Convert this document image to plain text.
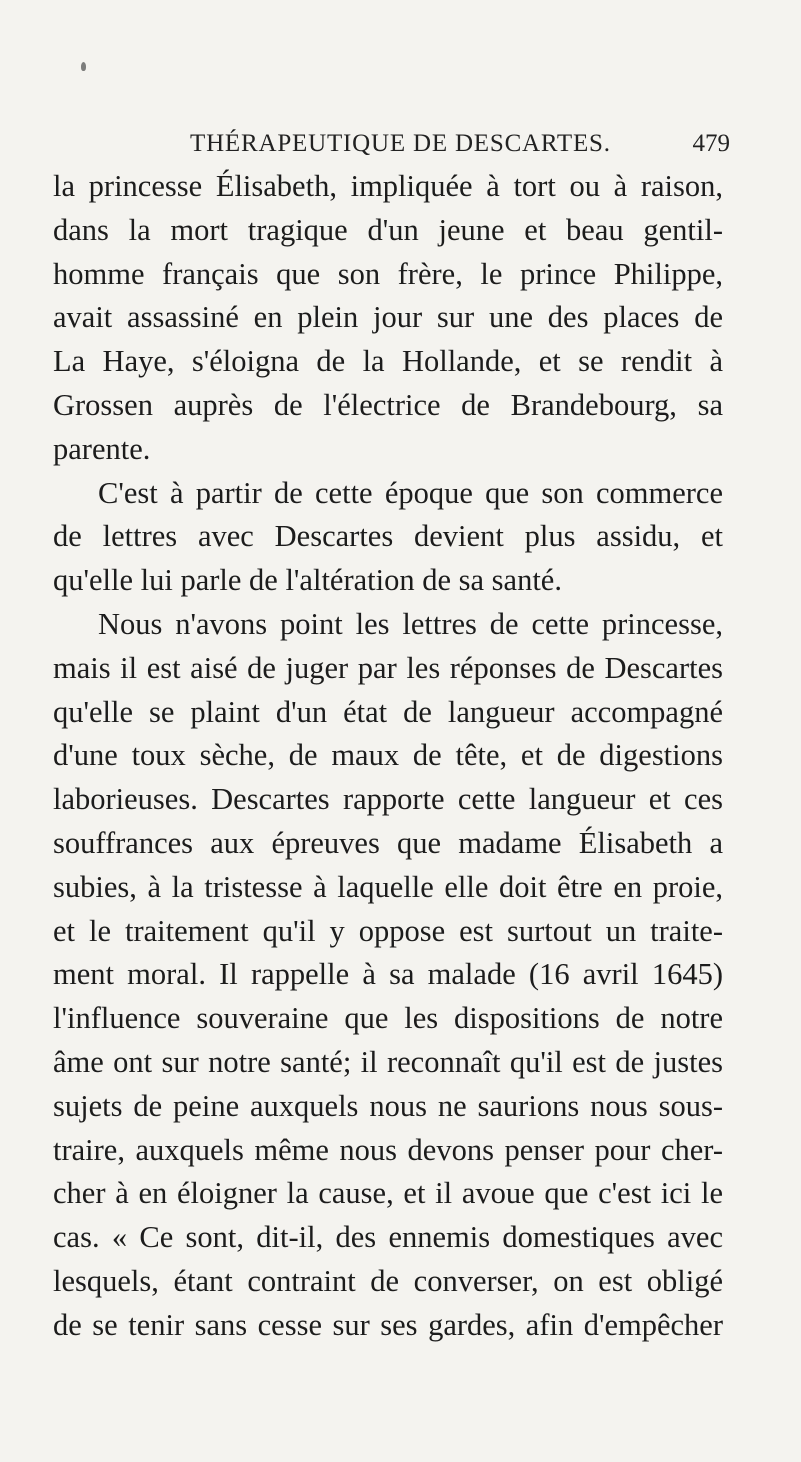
THÉRAPEUTIQUE DE DESCARTES.	479
la princesse Élisabeth, impliquée à tort ou à raison,
dans la mort tragique d'un jeune et beau gentil-
homme français que son frère, le prince Philippe,
avait assassiné en plein jour sur une des places de
La Haye, s'éloigna de la Hollande, et se rendit à
Grossen auprès de l'électrice de Brandebourg, sa
parente.
C'est à partir de cette époque que son commerce
de lettres avec Descartes devient plus assidu, et
qu'elle lui parle de l'altération de sa santé.
Nous n'avons point les lettres de cette princesse,
mais il est aisé de juger par les réponses de Descartes
qu'elle se plaint d'un état de langueur accompagné
d'une toux sèche, de maux de tête, et de digestions
laborieuses. Descartes rapporte cette langueur et ces
souffrances aux épreuves que madame Élisabeth a
subies, à la tristesse à laquelle elle doit être en proie,
et le traitement qu'il y oppose est surtout un traite-
ment moral. Il rappelle à sa malade (16 avril 1645)
l'influence souveraine que les dispositions de notre
âme ont sur notre santé; il reconnaît qu'il est de justes
sujets de peine auxquels nous ne saurions nous sous-
traire, auxquels même nous devons penser pour cher-
cher à en éloigner la cause, et il avoue que c'est ici le
cas. « Ce sont, dit-il, des ennemis domestiques avec
lesquels, étant contraint de converser, on est obligé
de se tenir sans cesse sur ses gardes, afin d'empêcher
